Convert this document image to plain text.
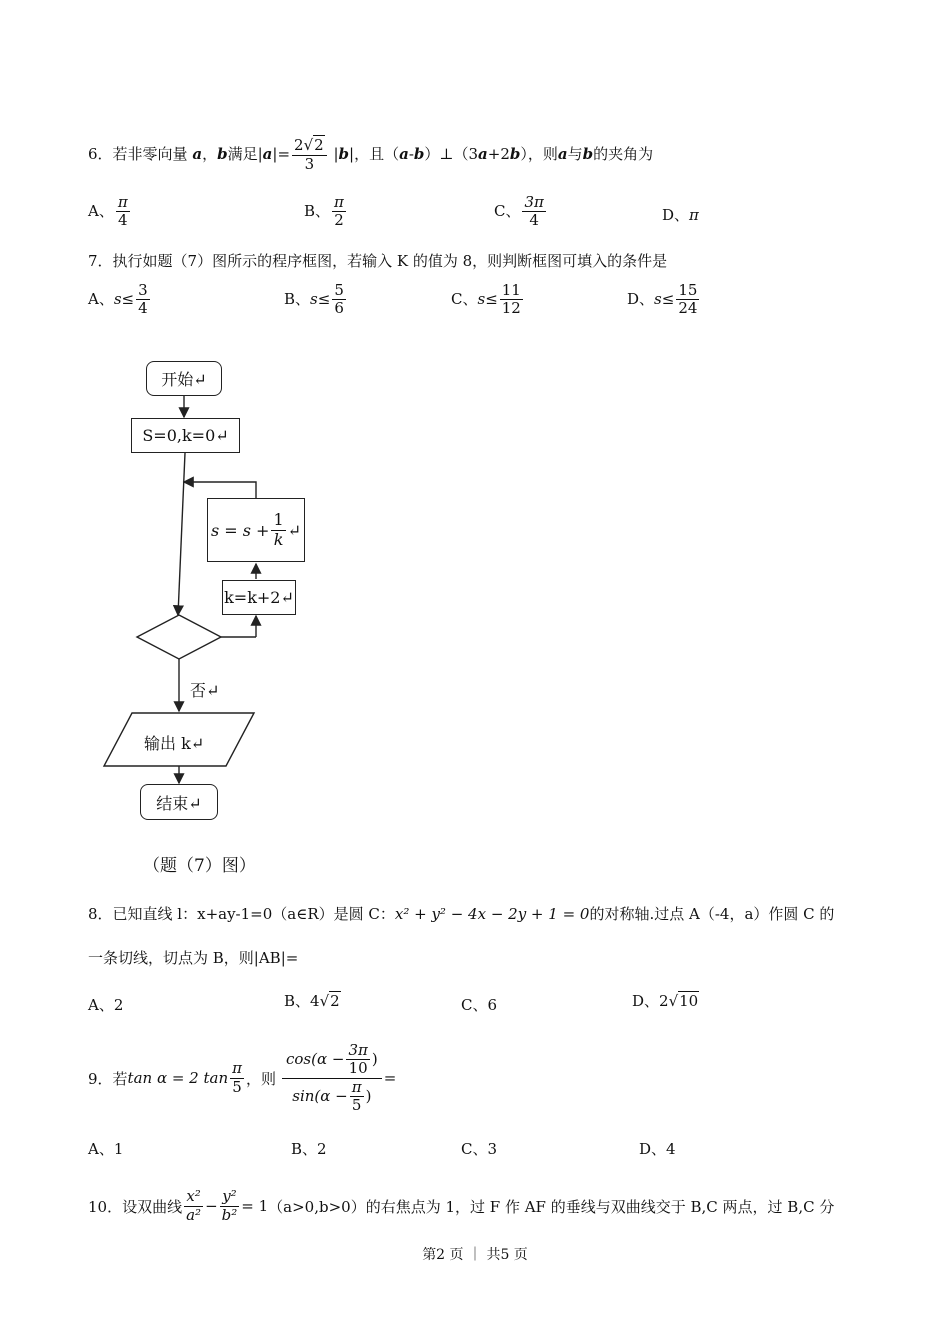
6．若非零向量 a，b满足$|a|= \frac{2√2}{3} |b|$，且（a-b）⊥（3a+2b），则a与b的夹角为
A、 $\frac{\pi}{4}$	B、 $\frac{\pi}{2}$	C、 $\frac{3\pi}{4}$	D、π
7．执行如题（7）图所示的程序框图，若输入 K 的值为 8，则判断框图可填入的条件是
A、$s\le \frac{3}{4}$	B、$s\le \frac{5}{6}$	C、$s\le \frac{11}{12}$	D、$s\le \frac{15}{24}$
开始↵
S=0,k=0↵
$s = s + \frac{1}{k}$ ↵
k=k+2↵
否↵
输出 k↵
结束↵
（题（7）图）
8．已知直线 l：x+ay-1=0（a∈R）是圆 C：x² + y² − 4x − 2y + 1 = 0的对称轴.过点 A（-4，a）作圆 C 的
一条切线，切点为 B，则|AB|=
A、2	B、4√2	C、6	D、2√10
9．若 tan α = 2 $\tan \frac{\pi}{5}$ ，则 $\frac{\cos(\alpha - \frac{3\pi}{10} )}{\sin(\alpha - \frac{\pi}{5} )}$ =
A、1	B、2	C、3	D、4
10．设双曲线 $\frac{\text{x²}}{\text{a²}} - \frac{\text{y²}}{\text{b²}} = 1$ （a>0,b>0）的右焦点为 1，过 F 作 AF 的垂线与双曲线交于 B,C 两点，过 B,C 分
第2 页 ｜ 共5 页
